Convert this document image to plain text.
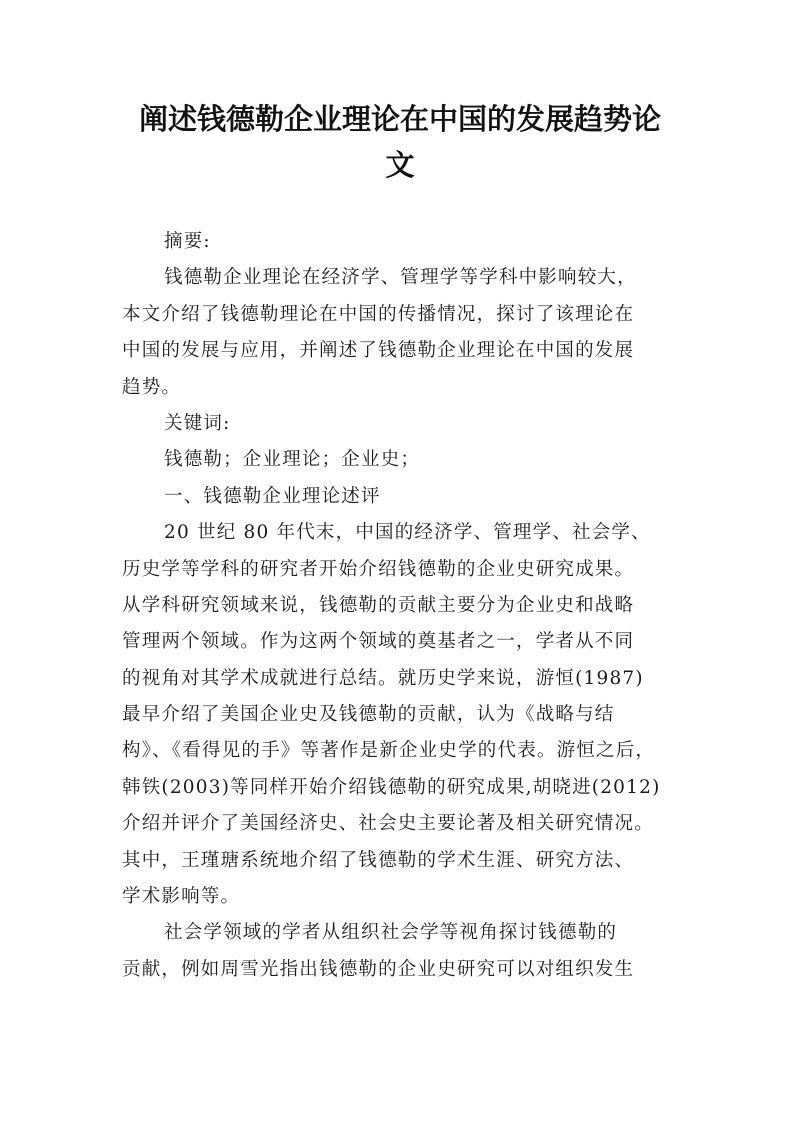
阐述钱德勒企业理论在中国的发展趋势论
文
摘要:
钱德勒企业理论在经济学、管理学等学科中影响较大，
本文介绍了钱德勒理论在中国的传播情况，探讨了该理论在
中国的发展与应用，并阐述了钱德勒企业理论在中国的发展
趋势。
关键词:
钱德勒；企业理论；企业史；
一、钱德勒企业理论述评
20 世纪 80 年代末，中国的经济学、管理学、社会学、
历史学等学科的研究者开始介绍钱德勒的企业史研究成果。
从学科研究领域来说，钱德勒的贡献主要分为企业史和战略
管理两个领域。作为这两个领域的奠基者之一，学者从不同
的视角对其学术成就进行总结。就历史学来说，游恒(1987)
最早介绍了美国企业史及钱德勒的贡献，认为《战略与结
构》、《看得见的手》等著作是新企业史学的代表。游恒之后，
韩铁(2003)等同样开始介绍钱德勒的研究成果,胡晓进(2012)
介绍并评介了美国经济史、社会史主要论著及相关研究情况。
其中，王瑾瑭系统地介绍了钱德勒的学术生涯、研究方法、
学术影响等。
社会学领域的学者从组织社会学等视角探讨钱德勒的
贡献，例如周雪光指出钱德勒的企业史研究可以对组织发生
